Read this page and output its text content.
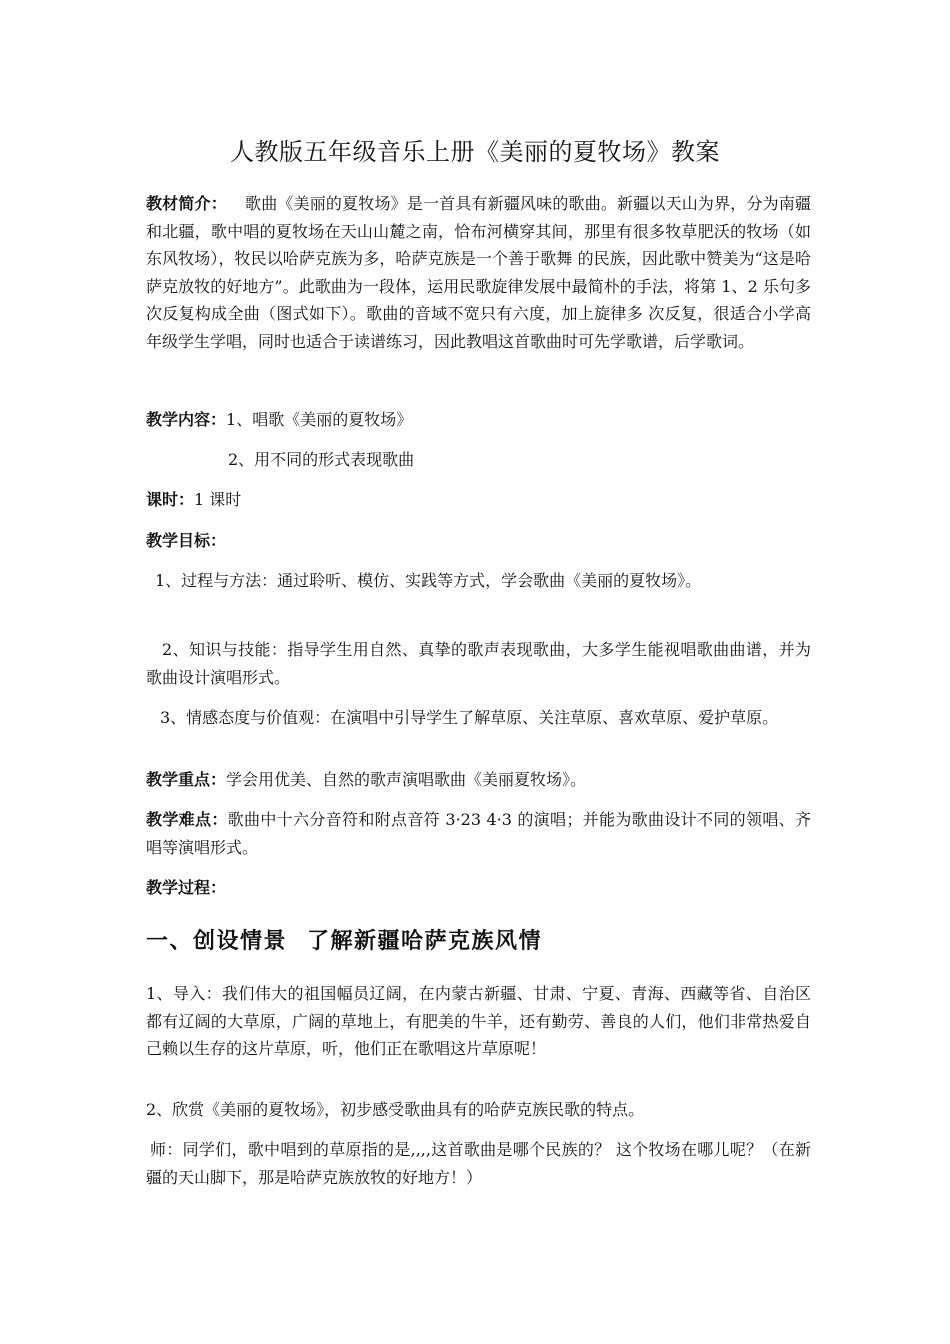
人教版五年级音乐上册《美丽的夏牧场》教案
教材简介： 歌曲《美丽的夏牧场》是一首具有新疆风味的歌曲。新疆以天山为界，分为南疆和北疆，歌中唱的夏牧场在天山山麓之南，恰布河横穿其间，那里有很多牧草肥沃的牧场（如东风牧场），牧民以哈萨克族为多，哈萨克族是一个善于歌舞 的民族，因此歌中赞美为“这是哈萨克放牧的好地方”。此歌曲为一段体，运用民歌旋律发展中最简朴的手法，将第 1、2 乐句多次反复构成全曲（图式如下）。歌曲的音域不宽只有六度，加上旋律多 次反复，很适合小学高年级学生学唱，同时也适合于读谱练习，因此教唱这首歌曲时可先学歌谱，后学歌词。
教学内容：1、唱歌《美丽的夏牧场》
2、用不同的形式表现歌曲
课时：1 课时
教学目标：
1、过程与方法：通过聆听、模仿、实践等方式，学会歌曲《美丽的夏牧场》。
2、知识与技能：指导学生用自然、真挚的歌声表现歌曲，大多学生能视唱歌曲曲谱，并为歌曲设计演唱形式。
3、情感态度与价值观：在演唱中引导学生了解草原、关注草原、喜欢草原、爱护草原。
教学重点：学会用优美、自然的歌声演唱歌曲《美丽夏牧场》。
教学难点：歌曲中十六分音符和附点音符 3·23 4·3 的演唱；并能为歌曲设计不同的领唱、齐唱等演唱形式。
教学过程：
一、创设情景 了解新疆哈萨克族风情
1、导入：我们伟大的祖国幅员辽阔，在内蒙古新疆、甘肃、宁夏、青海、西藏等省、自治区都有辽阔的大草原，广阔的草地上，有肥美的牛羊，还有勤劳、善良的人们，他们非常热爱自己赖以生存的这片草原，听，他们正在歌唱这片草原呢！
2、欣赏《美丽的夏牧场》，初步感受歌曲具有的哈萨克族民歌的特点。
师：同学们，歌中唱到的草原指的是,,,,这首歌曲是哪个民族的？ 这个牧场在哪儿呢？（在新疆的天山脚下，那是哈萨克族放牧的好地方！）
